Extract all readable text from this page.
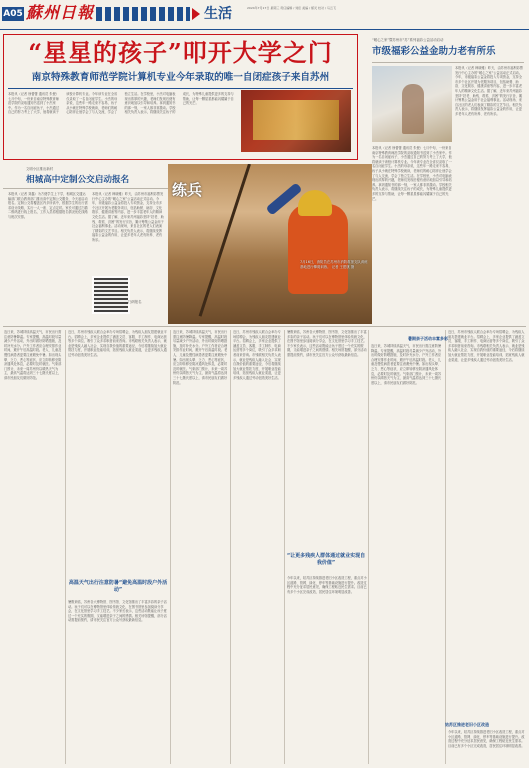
A05 蘇州日報	生活	2024年7月17日 星期三 责任编辑 / 刘佳 美编 / 郁灵 校对 / 马云飞
“星星的孩子”叩开大学之门
南京特殊教育师范学院计算机专业今年录取的唯一自闭症孩子来自苏州
本报讯（记者 徐蕾蕾 通讯员 朱俊）七月中旬，一份来自南京特殊教育师范学院的录取通知书送到了小杰家中。作为一名自闭症孩子，小杰通过自己的努力考上了大学，他将就读于该校计算机专业。今年该专业在全省仅录取了一名自闭症学生。小杰的母亲说，这些年一路走来不容易，孩子从小就在特殊学校就读，老师们的耐心陪伴让他学会了与人交流，学会了独立生活。在学校里，小杰对电脑表现出浓厚的兴趣，老师们发现后便有意识地加以引导和培养。拿到通知书的那一刻，一家人都非常激动。学校相关负责人表示，将继续关注孩子的成长，为特殊儿童提供更多的支持与帮助，让每一颗星星都能闪耀属于自己的光芒。
“暖心之家”暨苏州市“苏”系列福彩公益活动启动
市级福彩公益金助力老有所乐
本报讯（记者 韩晓雅）昨天，由苏州市福利彩票发行中心主办的“暖心之家”公益活动正式启动。今年，市级福彩公益金将投入专项资金，支持全市多个社区开展为老服务项目，包括助餐、助浴、文化娱乐、健康讲座等内容，进一步丰富老年人的精神文化生活。据了解，近年来苏州福彩坚持“扶老、助残、救孤、济困”的发行宗旨，累计筹集公益金用于社会福利事业。活动现场，来自社区的老人们表演了精彩的文艺节目。相关负责人表示，将继续发挥福彩公益金的作用，让更多老年人老有所养、老有所乐。
本报讯（记者 徐蕾蕾 通讯员 朱俊）七月中旬，一份来自南京特殊教育师范学院的录取通知书送到了小杰家中。作为一名自闭症孩子，小杰通过自己的努力考上了大学，他将就读于该校计算机专业。今年该专业在全省仅录取了一名自闭症学生。小杰的母亲说，这些年一路走来不容易，孩子从小就在特殊学校就读，老师们的耐心陪伴让他学会了与人交流，学会了独立生活。在学校里，小杰对电脑表现出浓厚的兴趣，老师们发现后便有意识地加以引导和培养。拿到通知书的那一刻，一家人都非常激动。学校相关负责人表示，将继续关注孩子的成长，为特殊儿童提供更多的支持与帮助，让每一颗星星都能闪耀属于自己的光芒。
文明小区推出新村
相城高中定制公交启动报名
本报讯（记者 刘鑫）为方便学生上下学，相城区交通运输部门联合教育部门推出高中定制公交服务，今天起启动报名。定制公交将覆盖区内多所高中，根据学生的出行需求设计线路，实行一人一座、定点定时。家长可通过扫描二维码进行线上报名，工作人员将根据报名情况优化线路与班次安排。
本报讯（记者 韩晓雅）昨天，由苏州市福利彩票发行中心主办的“暖心之家”公益活动正式启动。今年，市级福彩公益金将投入专项资金，支持全市多个社区开展为老服务项目，包括助餐、助浴、文化娱乐、健康讲座等内容，进一步丰富老年人的精神文化生活。据了解，近年来苏州福彩坚持“扶老、助残、救孤、济困”的发行宗旨，累计筹集公益金用于社会福利事业。活动现场，来自社区的老人们表演了精彩的文艺节目。相关负责人表示，将继续发挥福彩公益金的作用，让更多老年人老有所养、老有所乐。
扫码报名
练兵
7月16日，消防员在苏州市消防救援支队训练基地进行攀爬训练。 记者 王建康 摄
连日来，苏城持续高温天气，市民出行需注意防暑降温。专家提醒，高温时段尽量减少户外活动，外出时做好防晒措施，及时补充水分。户外工作者应合理安排作业时间，避开午后高温时段。老人、儿童及慢性病患者更要注意避免中暑。如出现头晕、乏力、恶心等症状，应立即转移至阴凉通风处休息，必要时及时就医。气象部门预计，未来一周苏州仍以晴热天气为主，最高气温将达到三十七摄氏度以上，请市民朋友们做好防范。
近日，苏州市残疾人联合会举办专场招聘会，为残疾人朋友搭建就业平台。招聘会上，多家企业提供了涵盖文员、客服、手工制作、电商运营等多个岗位，吸引了众多求职者前来咨询。市残联相关负责人表示，就业是残疾人融入社会、实现自我价值的重要途径，今后将继续加大就业帮扶力度，开展职业技能培训，拓宽残疾人就业渠道，让更多残疾人通过劳动创造美好生活。
高温天气出行注意防暑“避免高温时段户外活动”
暑假来临，苏州各大博物馆、图书馆、文化馆推出了丰富多彩的亲子活动。孩子们可以在博物馆里体验传统文化，在图书馆里参加阅读分享会，在文化馆里学习手工技艺。不少家长表示，这些活动既能让孩子度过一个充实的假期，又能增进亲子之间的感情。相关场馆提醒，部分活动需提前预约，请市民关注官方公众号获取最新信息。
连日来，苏城持续高温天气，市民出行需注意防暑降温。专家提醒，高温时段尽量减少户外活动，外出时做好防晒措施，及时补充水分。户外工作者应合理安排作业时间，避开午后高温时段。老人、儿童及慢性病患者更要注意避免中暑。如出现头晕、乏力、恶心等症状，应立即转移至阴凉通风处休息，必要时及时就医。气象部门预计，未来一周苏州仍以晴热天气为主，最高气温将达到三十七摄氏度以上，请市民朋友们做好防范。
近日，苏州市残疾人联合会举办专场招聘会，为残疾人朋友搭建就业平台。招聘会上，多家企业提供了涵盖文员、客服、手工制作、电商运营等多个岗位，吸引了众多求职者前来咨询。市残联相关负责人表示，就业是残疾人融入社会、实现自我价值的重要途径，今后将继续加大就业帮扶力度，开展职业技能培训，拓宽残疾人就业渠道，让更多残疾人通过劳动创造美好生活。
暑假来临，苏州各大博物馆、图书馆、文化馆推出了丰富多彩的亲子活动。孩子们可以在博物馆里体验传统文化，在图书馆里参加阅读分享会，在文化馆里学习手工技艺。不少家长表示，这些活动既能让孩子度过一个充实的假期，又能增进亲子之间的感情。相关场馆提醒，部分活动需提前预约，请市民关注官方公众号获取最新信息。
“让更多残疾人群体通过就业实现自我价值”
今年以来，姑苏区持续推进老旧小区改造工程，重点对小区道路、管网、绿化、停车等基础设施进行提升。改造过程中充分征求居民意见，确保工程贴近民生需求。目前已有多个小区完成改造，居民居住环境明显改善。
暑期亲子活动丰富多彩
连日来，苏城持续高温天气，市民出行需注意防暑降温。专家提醒，高温时段尽量减少户外活动，外出时做好防晒措施，及时补充水分。户外工作者应合理安排作业时间，避开午后高温时段。老人、儿童及慢性病患者更要注意避免中暑。如出现头晕、乏力、恶心等症状，应立即转移至阴凉通风处休息，必要时及时就医。气象部门预计，未来一周苏州仍以晴热天气为主，最高气温将达到三十七摄氏度以上，请市民朋友们做好防范。
近日，苏州市残疾人联合会举办专场招聘会，为残疾人朋友搭建就业平台。招聘会上，多家企业提供了涵盖文员、客服、手工制作、电商运营等多个岗位，吸引了众多求职者前来咨询。市残联相关负责人表示，就业是残疾人融入社会、实现自我价值的重要途径，今后将继续加大就业帮扶力度，开展职业技能培训，拓宽残疾人就业渠道，让更多残疾人通过劳动创造美好生活。
姑苏区推进老旧小区改造
今年以来，姑苏区持续推进老旧小区改造工程，重点对小区道路、管网、绿化、停车等基础设施进行提升。改造过程中充分征求居民意见，确保工程贴近民生需求。目前已有多个小区完成改造，居民居住环境明显改善。
